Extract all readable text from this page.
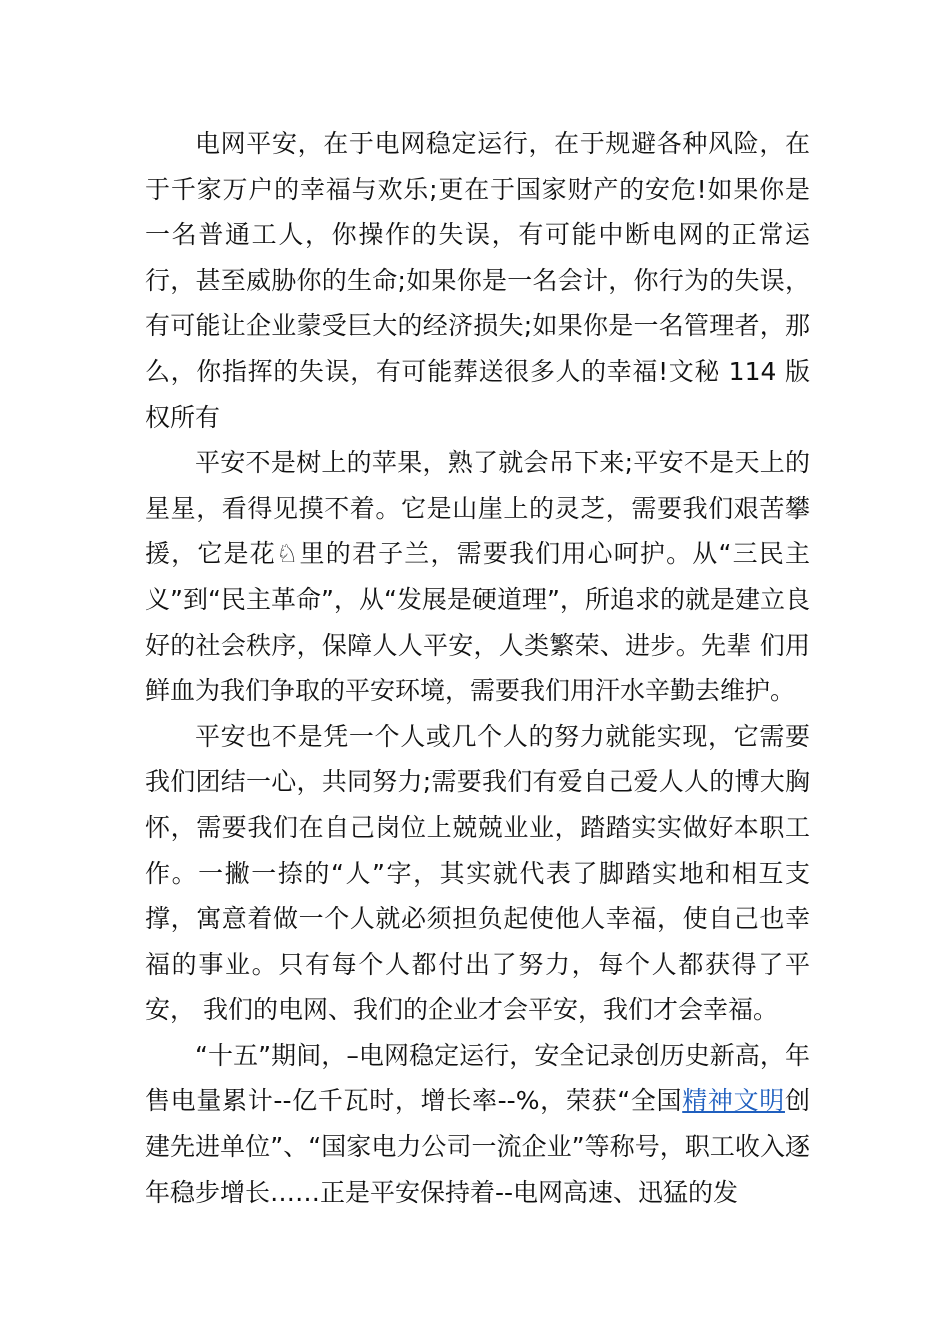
电网平安，在于电网稳定运行，在于规避各种风险，在于千家万户的幸福与欢乐;更在于国家财产的安危!如果你是一名普通工人，你操作的失误，有可能中断电网的正常运行，甚至威胁你的生命;如果你是一名会计，你行为的失误，有可能让企业蒙受巨大的经济损失;如果你是一名管理者，那么，你指挥的失误，有可能葬送很多人的幸福!文秘 114 版权所有

平安不是树上的苹果，熟了就会吊下来;平安不是天上的星星，看得见摸不着。它是山崖上的灵芝，需要我们艰苦攀援，它是花♘里的君子兰，需要我们用心呵护。从“三民主义”到“民主革命”，从“发展是硬道理”，所追求的就是建立良好的社会秩序，保障人人平安，人类繁荣、进步。先辈 们用鲜血为我们争取的平安环境，需要我们用汗水辛勤去维护。

平安也不是凭一个人或几个人的努力就能实现，它需要我们团结一心，共同努力;需要我们有爱自己爱人人的博大胸怀，需要我们在自己岗位上兢兢业业，踏踏实实做好本职工作。一撇一捺的“人”字，其实就代表了脚踏实地和相互支撑，寓意着做一个人就必须担负起使他人幸福，使自己也幸福的事业。只有每个人都付出了努力，每个人都获得了平安， 我们的电网、我们的企业才会平安，我们才会幸福。

“十五”期间，–电网稳定运行，安全记录创历史新高，年售电量累计--亿千瓦时，增长率--%，荣获“全国精神文明创建先进单位”、“国家电力公司一流企业”等称号，职工收入逐年稳步增长……正是平安保持着--电网高速、迅猛的发
